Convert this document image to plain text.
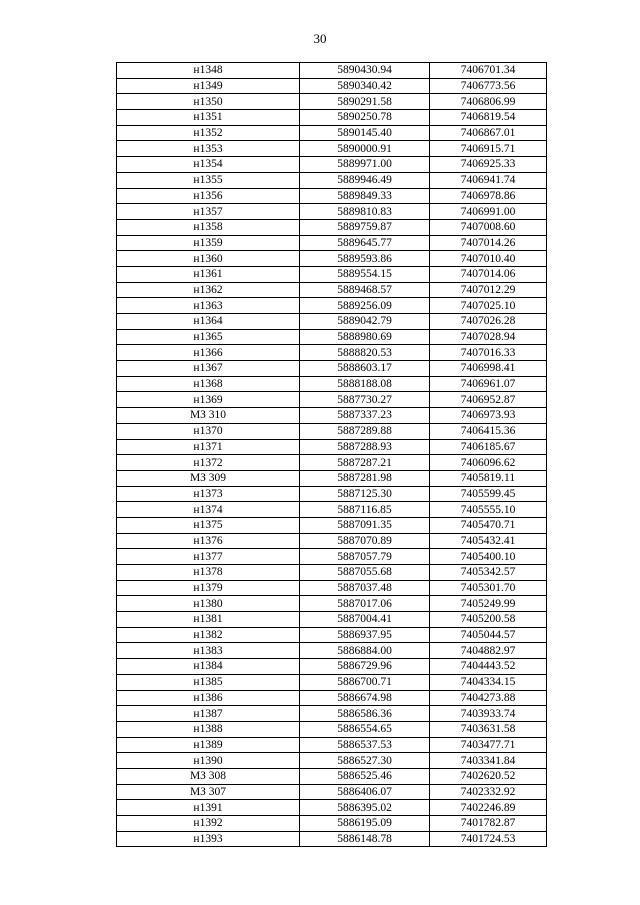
30
н1348	5890430.94	7406701.34
н1349	5890340.42	7406773.56
н1350	5890291.58	7406806.99
н1351	5890250.78	7406819.54
н1352	5890145.40	7406867.01
н1353	5890000.91	7406915.71
н1354	5889971.00	7406925.33
н1355	5889946.49	7406941.74
н1356	5889849.33	7406978.86
н1357	5889810.83	7406991.00
н1358	5889759.87	7407008.60
н1359	5889645.77	7407014.26
н1360	5889593.86	7407010.40
н1361	5889554.15	7407014.06
н1362	5889468.57	7407012.29
н1363	5889256.09	7407025.10
н1364	5889042.79	7407026.28
н1365	5888980.69	7407028.94
н1366	5888820.53	7407016.33
н1367	5888603.17	7406998.41
н1368	5888188.08	7406961.07
н1369	5887730.27	7406952.87
МЗ 310	5887337.23	7406973.93
н1370	5887289.88	7406415.36
н1371	5887288.93	7406185.67
н1372	5887287.21	7406096.62
МЗ 309	5887281.98	7405819.11
н1373	5887125.30	7405599.45
н1374	5887116.85	7405555.10
н1375	5887091.35	7405470.71
н1376	5887070.89	7405432.41
н1377	5887057.79	7405400.10
н1378	5887055.68	7405342.57
н1379	5887037.48	7405301.70
н1380	5887017.06	7405249.99
н1381	5887004.41	7405200.58
н1382	5886937.95	7405044.57
н1383	5886884.00	7404882.97
н1384	5886729.96	7404443.52
н1385	5886700.71	7404334.15
н1386	5886674.98	7404273.88
н1387	5886586.36	7403933.74
н1388	5886554.65	7403631.58
н1389	5886537.53	7403477.71
н1390	5886527.30	7403341.84
МЗ 308	5886525.46	7402620.52
МЗ 307	5886406.07	7402332.92
н1391	5886395.02	7402246.89
н1392	5886195.09	7401782.87
н1393	5886148.78	7401724.53
